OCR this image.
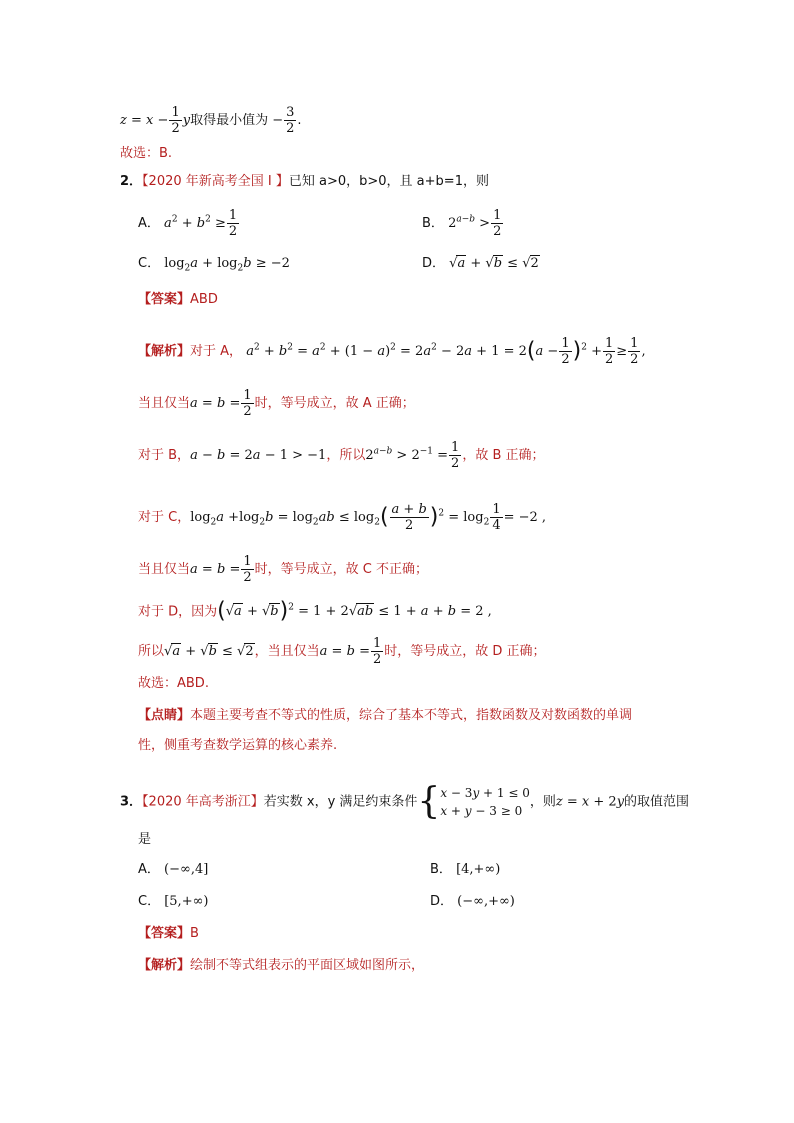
$z = x - \frac{1}{2}$ y取得最小值为 − $\frac{3}{2}$ .
故选：B.
2．【2020 年新高考全国 I 】已知 a>0，b>0，且 a+b=1，则
A． $a^2 + b^2 \ge \frac{1}{2}$	B． $2^{a-b} > \frac{1}{2}$
C． $\log_2a + \log_2b \ge -2$	D． √a + √b ≤ √2
【答案】ABD
【解析】对于 A， $a^2 + b^2 = a^2 + (1 - a)^2 = 2a^2 - 2a + 1 = 2(a - \frac{1}{2} )^2 + \frac{1}{2} \ge \frac{1}{2}$ ,
当且仅当$a = b = \frac{1}{2}$ 时，等号成立，故 A 正确；
对于 B，a − b = 2a − 1 > −1，所以$2^{a-b} > 2^{-1} = \frac{1}{2}$ ，故 B 正确；
对于 C，$\log_2a +\log_2b = \log_2ab \le \log_2( \frac{a + b}{2} )^2 = \log_2 \frac{1}{4} = -2$ ,
当且仅当$a = b = \frac{1}{2}$ 时，等号成立，故 C 不正确；
对于 D，因为$(√a + √b)^2 = 1 + 2√ab \le 1 + a + b = 2$ ,
所以√a + √b ≤ √2，当且仅当$a = b = \frac{1}{2}$ 时，等号成立，故 D 正确；
故选：ABD.
【点睛】本题主要考查不等式的性质，综合了基本不等式，指数函数及对数函数的单调
性，侧重考查数学运算的核心素养.
3．【2020 年高考浙江】若实数 x，y 满足约束条件 { x − 3y + 1 ≤ 0
x + y − 3 ≥ 0
，则z = x + 2y的取值范围
是
A． (−∞,4]	B． [4,+∞)
C． [5,+∞)	D． (−∞,+∞)
【答案】B
【解析】绘制不等式组表示的平面区域如图所示，
